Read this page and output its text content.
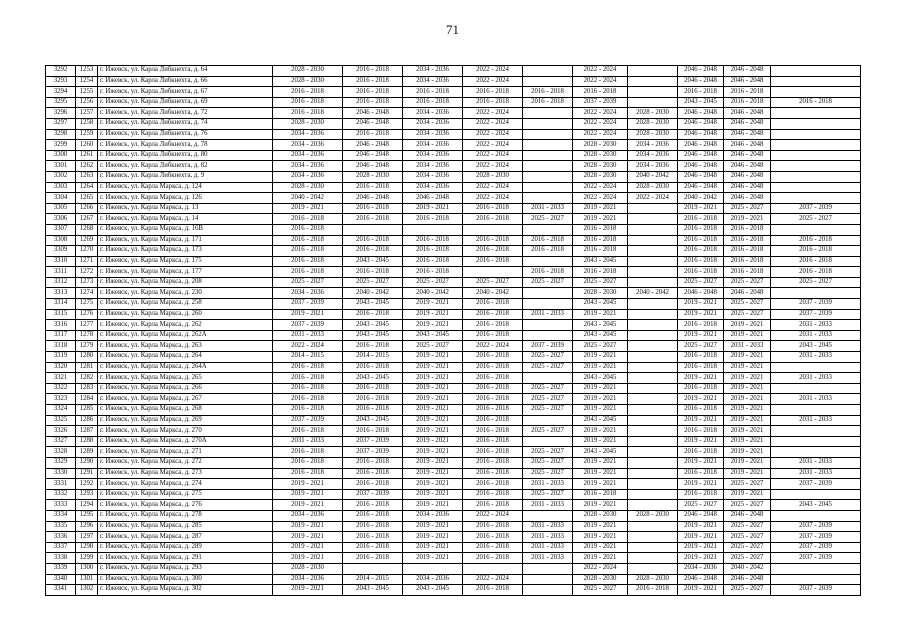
71
3292	1253	г. Ижевск, ул. Карла Либкнехта, д. 64	2028 - 2030	2016 - 2018	2034 - 2036	2022 - 2024		2022 - 2024		2046 - 2048	2046 - 2048	
3293	1254	г. Ижевск, ул. Карла Либкнехта, д. 66	2028 - 2030	2016 - 2018	2034 - 2036	2022 - 2024		2022 - 2024		2046 - 2048	2046 - 2048	
3294	1255	г. Ижевск, ул. Карла Либкнехта, д. 67	2016 - 2018	2016 - 2018	2016 - 2018	2016 - 2018	2016 - 2018	2016 - 2018		2016 - 2018	2016 - 2018	
3295	1256	г. Ижевск, ул. Карла Либкнехта, д. 69	2016 - 2018	2016 - 2018	2016 - 2018	2016 - 2018	2016 - 2018	2037 - 2039		2043 - 2045	2016 - 2018	2016 - 2018
3296	1257	г. Ижевск, ул. Карла Либкнехта, д. 72	2016 - 2018	2046 - 2048	2034 - 2036	2022 - 2024		2022 - 2024	2028 - 2030	2046 - 2048	2046 - 2048	
3297	1258	г. Ижевск, ул. Карла Либкнехта, д. 74	2028 - 2030	2046 - 2048	2034 - 2036	2022 - 2024		2022 - 2024	2028 - 2030	2046 - 2048	2046 - 2048	
3298	1259	г. Ижевск, ул. Карла Либкнехта, д. 76	2034 - 2036	2016 - 2018	2034 - 2036	2022 - 2024		2022 - 2024	2028 - 2030	2046 - 2048	2046 - 2048	
3299	1260	г. Ижевск, ул. Карла Либкнехта, д. 78	2034 - 2036	2046 - 2048	2034 - 2036	2022 - 2024		2028 - 2030	2034 - 2036	2046 - 2048	2046 - 2048	
3300	1261	г. Ижевск, ул. Карла Либкнехта, д. 80	2034 - 2036	2046 - 2048	2034 - 2036	2022 - 2024		2028 - 2030	2034 - 2036	2046 - 2048	2046 - 2048	
3301	1262	г. Ижевск, ул. Карла Либкнехта, д. 82	2034 - 2036	2046 - 2048	2034 - 2036	2022 - 2024		2028 - 2030	2034 - 2036	2046 - 2048	2046 - 2048	
3302	1263	г. Ижевск, ул. Карла Либкнехта, д. 9	2034 - 2036	2028 - 2030	2034 - 2036	2028 - 2030		2028 - 2030	2040 - 2042	2046 - 2048	2046 - 2048	
3303	1264	г. Ижевск, ул. Карла Маркса, д. 124	2028 - 2030	2016 - 2018	2034 - 2036	2022 - 2024		2022 - 2024	2028 - 2030	2046 - 2048	2046 - 2048	
3304	1265	г. Ижевск, ул. Карла Маркса, д. 126	2040 - 2042	2046 - 2048	2046 - 2048	2022 - 2024		2022 - 2024	2022 - 2024	2040 - 2042	2046 - 2048	
3305	1266	г. Ижевск, ул. Карла Маркса, д. 13	2019 - 2021	2016 - 2018	2019 - 2021	2016 - 2018	2031 - 2033	2019 - 2021		2019 - 2021	2025 - 2027	2037 - 2039
3306	1267	г. Ижевск, ул. Карла Маркса, д. 14	2016 - 2018	2016 - 2018	2016 - 2018	2016 - 2018	2025 - 2027	2019 - 2021		2016 - 2018	2019 - 2021	2025 - 2027
3307	1268	г. Ижевск, ул. Карла Маркса, д. 16В	2016 - 2018					2016 - 2018		2016 - 2018	2016 - 2018	
3308	1269	г. Ижевск, ул. Карла Маркса, д. 171	2016 - 2018	2016 - 2018	2016 - 2018	2016 - 2018	2016 - 2018	2016 - 2018		2016 - 2018	2016 - 2018	2016 - 2018
3309	1270	г. Ижевск, ул. Карла Маркса, д. 173	2016 - 2018	2016 - 2018	2016 - 2018	2016 - 2018	2016 - 2018	2016 - 2018		2016 - 2018	2016 - 2018	2016 - 2018
3310	1271	г. Ижевск, ул. Карла Маркса, д. 175	2016 - 2018	2043 - 2045	2016 - 2018	2016 - 2018		2043 - 2045		2016 - 2018	2016 - 2018	2016 - 2018
3311	1272	г. Ижевск, ул. Карла Маркса, д. 177	2016 - 2018	2016 - 2018	2016 - 2018		2016 - 2018	2016 - 2018		2016 - 2018	2016 - 2018	2016 - 2018
3312	1273	г. Ижевск, ул. Карла Маркса, д. 208	2025 - 2027	2025 - 2027	2025 - 2027	2025 - 2027	2025 - 2027	2025 - 2027		2025 - 2027	2025 - 2027	2025 - 2027
3313	1274	г. Ижевск, ул. Карла Маркса, д. 230	2034 - 2036	2040 - 2042	2040 - 2042	2040 - 2042		2028 - 2030	2040 - 2042	2046 - 2048	2046 - 2048	
3314	1275	г. Ижевск, ул. Карла Маркса, д. 258	2037 - 2039	2043 - 2045	2019 - 2021	2016 - 2018		2043 - 2045		2019 - 2021	2025 - 2027	2037 - 2039
3315	1276	г. Ижевск, ул. Карла Маркса, д. 260	2019 - 2021	2016 - 2018	2019 - 2021	2016 - 2018	2031 - 2033	2019 - 2021		2019 - 2021	2025 - 2027	2037 - 2039
3316	1277	г. Ижевск, ул. Карла Маркса, д. 262	2037 - 2039	2043 - 2045	2019 - 2021	2016 - 2018		2043 - 2045		2016 - 2018	2019 - 2021	2031 - 2033
3317	1278	г. Ижевск, ул. Карла Маркса, д. 262А	2031 - 2033	2043 - 2045	2043 - 2045	2016 - 2018		2043 - 2045		2019 - 2021	2019 - 2021	2031 - 2033
3318	1279	г. Ижевск, ул. Карла Маркса, д. 263	2022 - 2024	2016 - 2018	2025 - 2027	2022 - 2024	2037 - 2039	2025 - 2027		2025 - 2027	2031 - 2033	2043 - 2045
3319	1280	г. Ижевск, ул. Карла Маркса, д. 264	2014 - 2015	2014 - 2015	2019 - 2021	2016 - 2018	2025 - 2027	2019 - 2021		2016 - 2018	2019 - 2021	2031 - 2033
3320	1281	г. Ижевск, ул. Карла Маркса, д. 264А	2016 - 2018	2016 - 2018	2019 - 2021	2016 - 2018	2025 - 2027	2019 - 2021		2016 - 2018	2019 - 2021	
3321	1282	г. Ижевск, ул. Карла Маркса, д. 265	2016 - 2018	2043 - 2045	2019 - 2021	2016 - 2018		2043 - 2045		2019 - 2021	2019 - 2021	2031 - 2033
3322	1283	г. Ижевск, ул. Карла Маркса, д. 266	2016 - 2018	2016 - 2018	2019 - 2021	2016 - 2018	2025 - 2027	2019 - 2021		2016 - 2018	2019 - 2021	
3323	1284	г. Ижевск, ул. Карла Маркса, д. 267	2016 - 2018	2016 - 2018	2019 - 2021	2016 - 2018	2025 - 2027	2019 - 2021		2019 - 2021	2019 - 2021	2031 - 2033
3324	1285	г. Ижевск, ул. Карла Маркса, д. 268	2016 - 2018	2016 - 2018	2019 - 2021	2016 - 2018	2025 - 2027	2019 - 2021		2016 - 2018	2019 - 2021	
3325	1286	г. Ижевск, ул. Карла Маркса, д. 269	2037 - 2039	2043 - 2045	2019 - 2021	2016 - 2018		2043 - 2045		2019 - 2021	2019 - 2021	2031 - 2033
3326	1287	г. Ижевск, ул. Карла Маркса, д. 270	2016 - 2018	2016 - 2018	2019 - 2021	2016 - 2018	2025 - 2027	2019 - 2021		2016 - 2018	2019 - 2021	
3327	1288	г. Ижевск, ул. Карла Маркса, д. 270А	2031 - 2033	2037 - 2039	2019 - 2021	2016 - 2018		2019 - 2021		2019 - 2021	2019 - 2021	
3328	1289	г. Ижевск, ул. Карла Маркса, д. 271	2016 - 2018	2037 - 2039	2019 - 2021	2016 - 2018	2025 - 2027	2043 - 2045		2016 - 2018	2019 - 2021	
3329	1290	г. Ижевск, ул. Карла Маркса, д. 272	2016 - 2018	2016 - 2018	2019 - 2021	2016 - 2018	2025 - 2027	2019 - 2021		2019 - 2021	2019 - 2021	2031 - 2033
3330	1291	г. Ижевск, ул. Карла Маркса, д. 273	2016 - 2018	2016 - 2018	2019 - 2021	2016 - 2018	2025 - 2027	2019 - 2021		2016 - 2018	2019 - 2021	2031 - 2033
3331	1292	г. Ижевск, ул. Карла Маркса, д. 274	2019 - 2021	2016 - 2018	2019 - 2021	2016 - 2018	2031 - 2033	2019 - 2021		2019 - 2021	2025 - 2027	2037 - 2039
3332	1293	г. Ижевск, ул. Карла Маркса, д. 275	2019 - 2021	2037 - 2039	2019 - 2021	2016 - 2018	2025 - 2027	2016 - 2018		2016 - 2018	2019 - 2021	
3333	1294	г. Ижевск, ул. Карла Маркса, д. 276	2019 - 2021	2016 - 2018	2019 - 2021	2016 - 2018	2031 - 2033	2019 - 2021		2025 - 2027	2025 - 2027	2043 - 2045
3334	1295	г. Ижевск, ул. Карла Маркса, д. 278	2034 - 2036	2016 - 2018	2034 - 2036	2022 - 2024		2028 - 2030	2028 - 2030	2046 - 2048	2046 - 2048	
3335	1296	г. Ижевск, ул. Карла Маркса, д. 285	2019 - 2021	2016 - 2018	2019 - 2021	2016 - 2018	2031 - 2033	2019 - 2021		2019 - 2021	2025 - 2027	2037 - 2039
3336	1297	г. Ижевск, ул. Карла Маркса, д. 287	2019 - 2021	2016 - 2018	2019 - 2021	2016 - 2018	2031 - 2033	2019 - 2021		2019 - 2021	2025 - 2027	2037 - 2039
3337	1298	г. Ижевск, ул. Карла Маркса, д. 289	2019 - 2021	2016 - 2018	2019 - 2021	2016 - 2018	2031 - 2033	2019 - 2021		2019 - 2021	2025 - 2027	2037 - 2039
3338	1299	г. Ижевск, ул. Карла Маркса, д. 291	2019 - 2021	2016 - 2018	2019 - 2021	2016 - 2018	2031 - 2033	2019 - 2021		2019 - 2021	2025 - 2027	2037 - 2039
3339	1300	г. Ижевск, ул. Карла Маркса, д. 293	2028 - 2030					2022 - 2024		2034 - 2036	2040 - 2042	
3340	1301	г. Ижевск, ул. Карла Маркса, д. 300	2034 - 2036	2014 - 2015	2034 - 2036	2022 - 2024		2028 - 2030	2028 - 2030	2046 - 2048	2046 - 2048	
3341	1302	г. Ижевск, ул. Карла Маркса, д. 302	2019 - 2021	2043 - 2045	2043 - 2045	2016 - 2018		2025 - 2027	2016 - 2018	2019 - 2021	2025 - 2027	2037 - 2039
